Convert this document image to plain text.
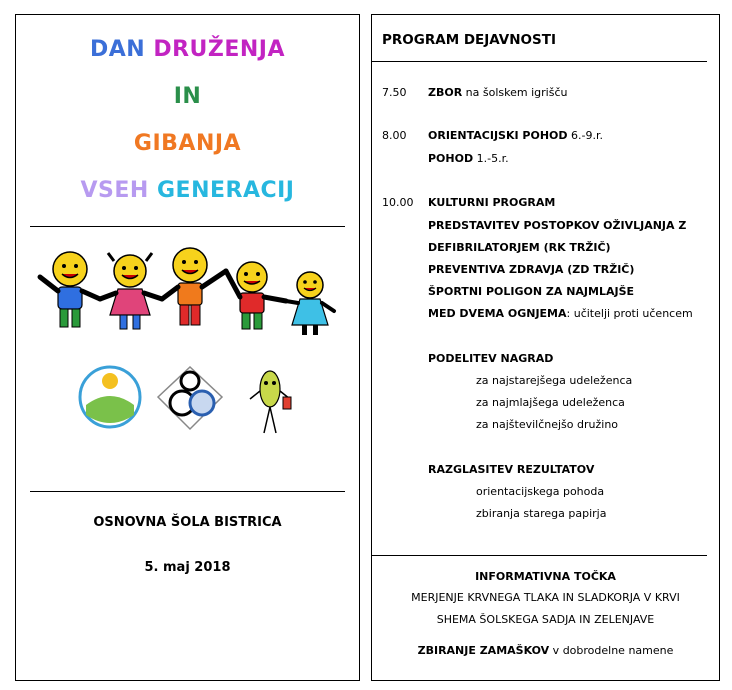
DAN DRUŽENJA
IN
GIBANJA
VSEH GENERACIJ
OSNOVNA ŠOLA BISTRICA
5. maj 2018
PROGRAM DEJAVNOSTI
7.50 ZBOR na šolskem igrišču
8.00 ORIENTACIJSKI POHOD 6.-9.r.
POHOD 1.-5.r.
10.00 KULTURNI PROGRAM
PREDSTAVITEV POSTOPKOV OŽIVLJANJA Z
DEFIBRILATORJEM (RK TRŽIČ)
PREVENTIVA ZDRAVJA (ZD TRŽIČ)
ŠPORTNI POLIGON ZA NAJMLAJŠE
MED DVEMA OGNJEMA: učitelji proti učencem
PODELITEV NAGRAD
za najstarejšega udeleženca
za najmlajšega udeleženca
za najštevilčnejšo družino
RAZGLASITEV REZULTATOV
orientacijskega pohoda
zbiranja starega papirja
INFORMATIVNA TOČKA
MERJENJE KRVNEGA TLAKA IN SLADKORJA V KRVI
SHEMA ŠOLSKEGA SADJA IN ZELENJAVE
ZBIRANJE ZAMAŠKOV v dobrodelne namene
